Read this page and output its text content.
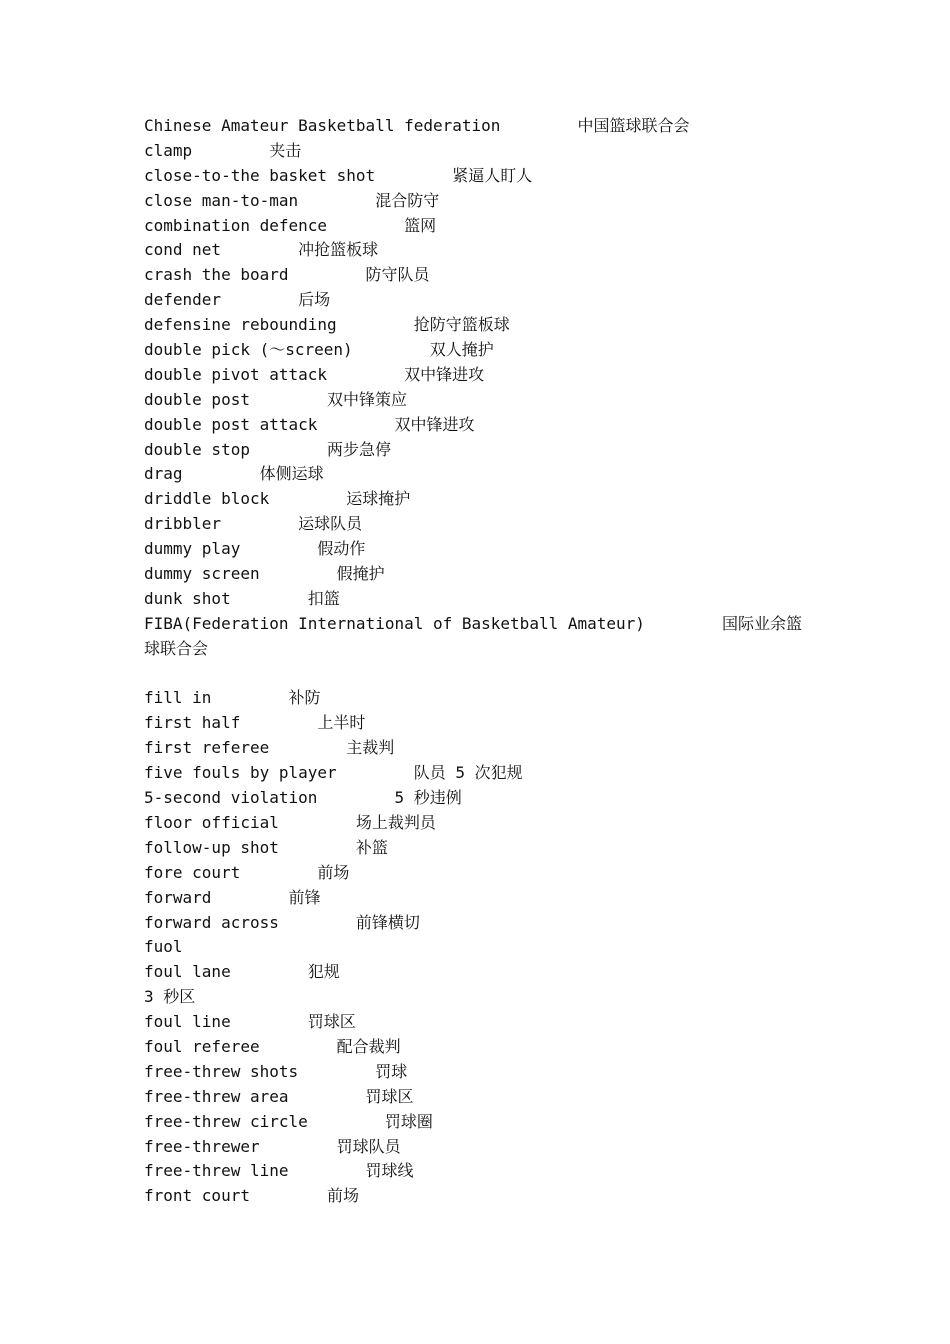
Chinese Amateur Basketball federation        中国篮球联合会
clamp        夹击
close-to-the basket shot        紧逼人盯人
close man-to-man        混合防守
combination defence        篮网
cond net        冲抢篮板球
crash the board        防守队员
defender        后场
defensine rebounding        抢防守篮板球
double pick (～screen)        双人掩护
double pivot attack        双中锋进攻
double post        双中锋策应
double post attack        双中锋进攻
double stop        两步急停
drag        体侧运球
driddle block        运球掩护
dribbler        运球队员
dummy play        假动作
dummy screen        假掩护
dunk shot        扣篮
FIBA(Federation International of Basketball Amateur)        国际业余篮
球联合会
fill in        补防
first half        上半时
first referee        主裁判
five fouls by player        队员 5 次犯规
5-second violation        5 秒违例
floor official        场上裁判员
follow-up shot        补篮
fore court        前场
forward        前锋
forward across        前锋横切
fuol
foul lane        犯规
3 秒区
foul line        罚球区
foul referee        配合裁判
free-threw shots        罚球
free-threw area        罚球区
free-threw circle        罚球圈
free-threwer        罚球队员
free-threw line        罚球线
front court        前场
